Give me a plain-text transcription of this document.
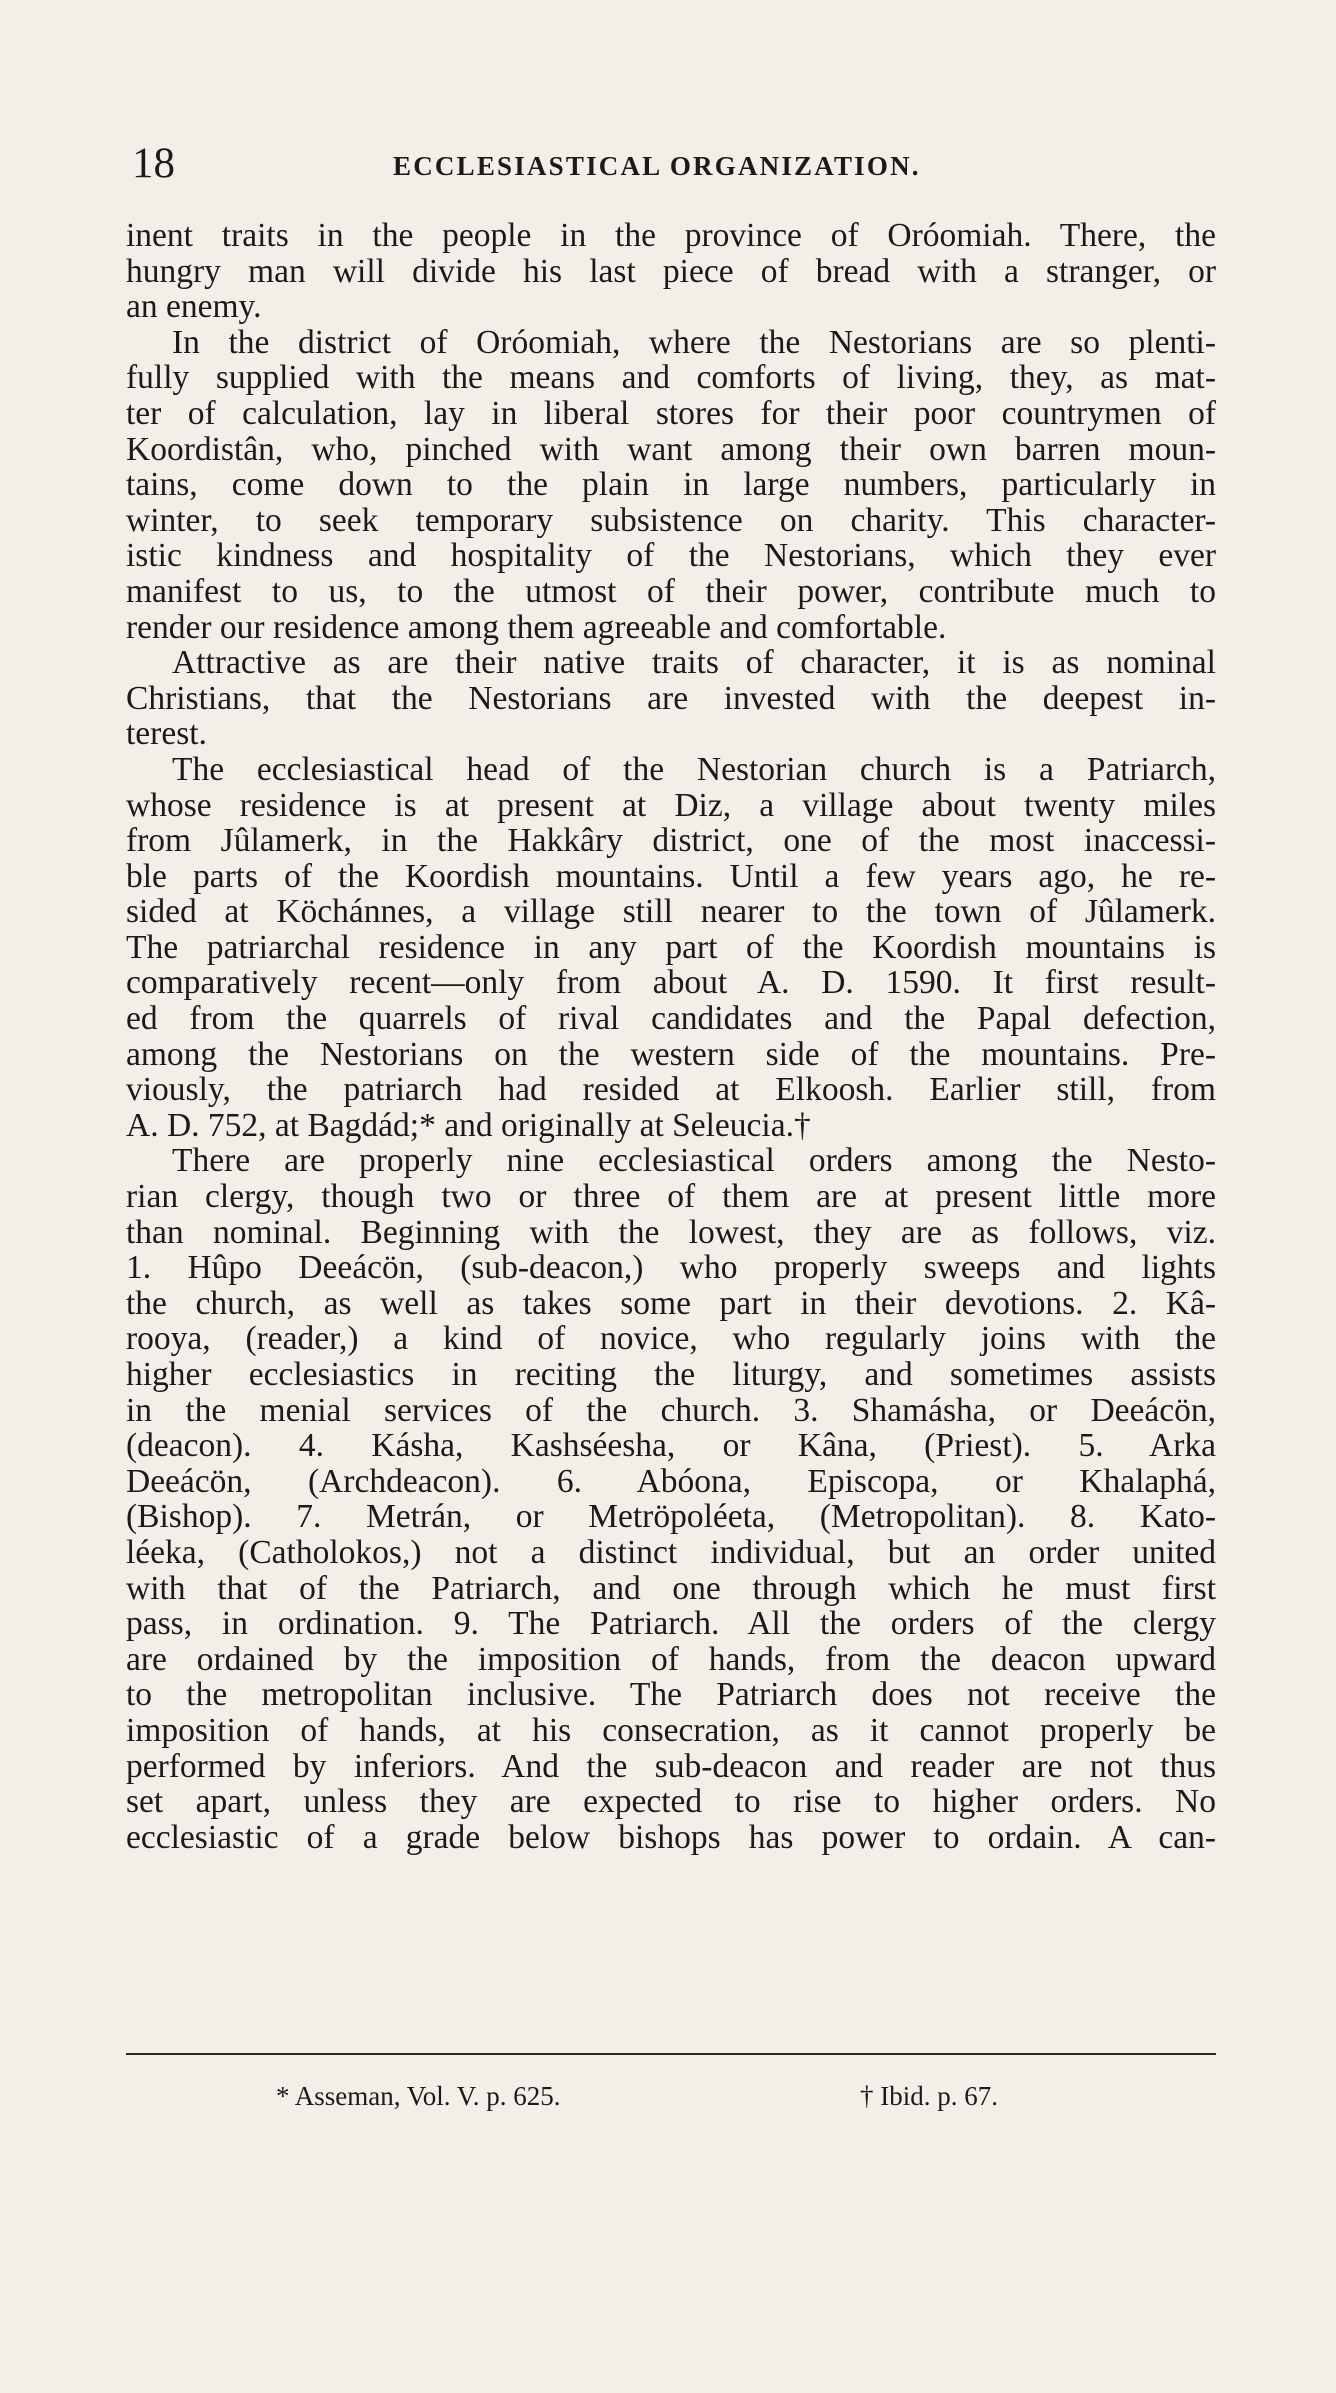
18	ECCLESIASTICAL ORGANIZATION.
inent traits in the people in the province of Oróomiah. There, the
hungry man will divide his last piece of bread with a stranger, or
an enemy.
In the district of Oróomiah, where the Nestorians are so plenti-
fully supplied with the means and comforts of living, they, as mat-
ter of calculation, lay in liberal stores for their poor countrymen of
Koordistân, who, pinched with want among their own barren moun-
tains, come down to the plain in large numbers, particularly in
winter, to seek temporary subsistence on charity. This character-
istic kindness and hospitality of the Nestorians, which they ever
manifest to us, to the utmost of their power, contribute much to
render our residence among them agreeable and comfortable.
Attractive as are their native traits of character, it is as nominal
Christians, that the Nestorians are invested with the deepest in-
terest.
The ecclesiastical head of the Nestorian church is a Patriarch,
whose residence is at present at Diz, a village about twenty miles
from Jûlamerk, in the Hakkâry district, one of the most inaccessi-
ble parts of the Koordish mountains. Until a few years ago, he re-
sided at Köchánnes, a village still nearer to the town of Jûlamerk.
The patriarchal residence in any part of the Koordish mountains is
comparatively recent—only from about A. D. 1590. It first result-
ed from the quarrels of rival candidates and the Papal defection,
among the Nestorians on the western side of the mountains. Pre-
viously, the patriarch had resided at Elkoosh. Earlier still, from
A. D. 752, at Bagdád;* and originally at Seleucia.†
There are properly nine ecclesiastical orders among the Nesto-
rian clergy, though two or three of them are at present little more
than nominal. Beginning with the lowest, they are as follows, viz.
1. Hûpo Deeácön, (sub-deacon,) who properly sweeps and lights
the church, as well as takes some part in their devotions. 2. Kâ-
rooya, (reader,) a kind of novice, who regularly joins with the
higher ecclesiastics in reciting the liturgy, and sometimes assists
in the menial services of the church. 3. Shamásha, or Deeácön,
(deacon). 4. Kásha, Kashséesha, or Kâna, (Priest). 5. Arka
Deeácön, (Archdeacon). 6. Abóona, Episcopa, or Khalaphá,
(Bishop). 7. Metrán, or Metröpoléeta, (Metropolitan). 8. Kato-
léeka, (Catholokos,) not a distinct individual, but an order united
with that of the Patriarch, and one through which he must first
pass, in ordination. 9. The Patriarch. All the orders of the clergy
are ordained by the imposition of hands, from the deacon upward
to the metropolitan inclusive. The Patriarch does not receive the
imposition of hands, at his consecration, as it cannot properly be
performed by inferiors. And the sub-deacon and reader are not thus
set apart, unless they are expected to rise to higher orders. No
ecclesiastic of a grade below bishops has power to ordain. A can-
* Asseman, Vol. V. p. 625.	† Ibid. p. 67.
